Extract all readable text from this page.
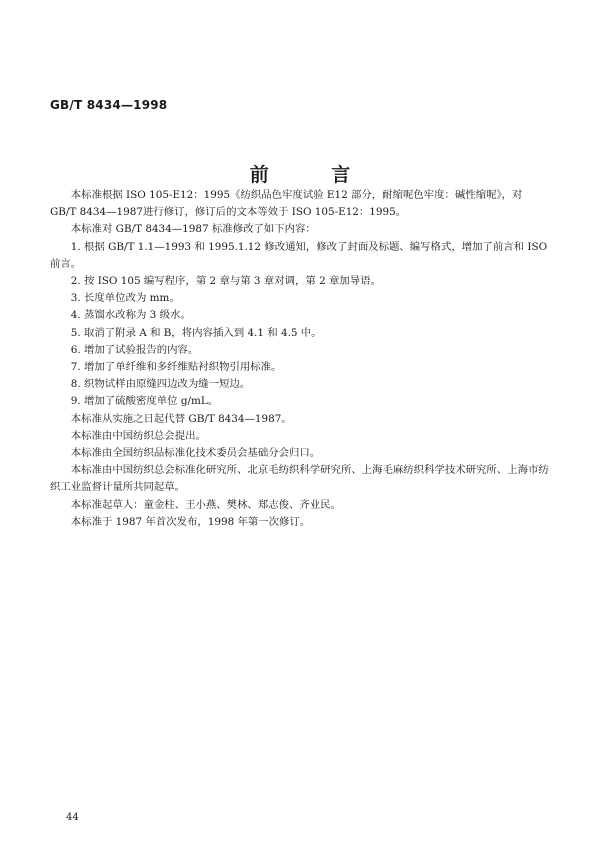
GB/T 8434—1998
前 言

本标准根据 ISO 105-E12：1995《纺织品色牢度试验 E12 部分，耐缩呢色牢度：碱性缩呢》，对 GB/T 8434—1987进行修订，修订后的文本等效于 ISO 105-E12：1995。

本标准对 GB/T 8434—1987 标准修改了如下内容：

1. 根据 GB/T 1.1—1993 和 1995.1.12 修改通知，修改了封面及标题、编写格式，增加了前言和 ISO 前言。

2. 按 ISO 105 编写程序，第 2 章与第 3 章对调，第 2 章加导语。

3. 长度单位改为 mm。

4. 蒸馏水改称为 3 级水。

5. 取消了附录 A 和 B，将内容插入到 4.1 和 4.5 中。

6. 增加了试验报告的内容。

7. 增加了单纤维和多纤维贴衬织物引用标准。

8. 织物试样由原缝四边改为缝一短边。

9. 增加了硫酸密度单位 g/mL。

本标准从实施之日起代替 GB/T 8434—1987。

本标准由中国纺织总会提出。

本标准由全国纺织品标准化技术委员会基础分会归口。

本标准由中国纺织总会标准化研究所、北京毛纺织科学研究所、上海毛麻纺织科学技术研究所、上海市纺织工业监督计量所共同起草。

本标准起草人：童金柱、王小燕、樊林、郑志俊、齐业民。

本标准于 1987 年首次发布，1998 年第一次修订。

44
